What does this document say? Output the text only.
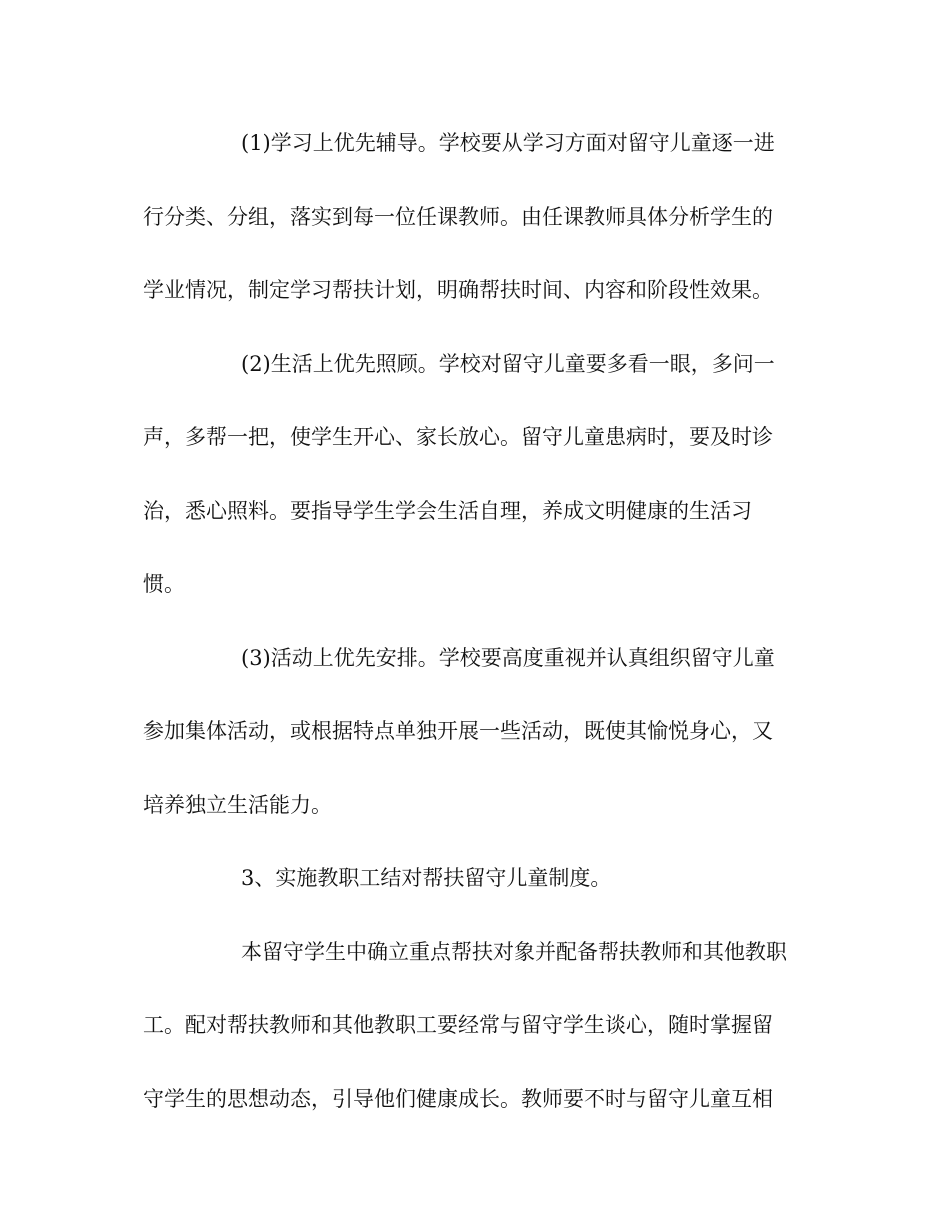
(1)学习上优先辅导。学校要从学习方面对留守儿童逐一进
行分类、分组，落实到每一位任课教师。由任课教师具体分析学生的
学业情况，制定学习帮扶计划，明确帮扶时间、内容和阶段性效果。
(2)生活上优先照顾。学校对留守儿童要多看一眼，多问一
声，多帮一把，使学生开心、家长放心。留守儿童患病时，要及时诊
治，悉心照料。要指导学生学会生活自理，养成文明健康的生活习
惯。
(3)活动上优先安排。学校要高度重视并认真组织留守儿童
参加集体活动，或根据特点单独开展一些活动，既使其愉悦身心，又
培养独立生活能力。
3、实施教职工结对帮扶留守儿童制度。
本留守学生中确立重点帮扶对象并配备帮扶教师和其他教职
工。配对帮扶教师和其他教职工要经常与留守学生谈心，随时掌握留
守学生的思想动态，引导他们健康成长。教师要不时与留守儿童互相
